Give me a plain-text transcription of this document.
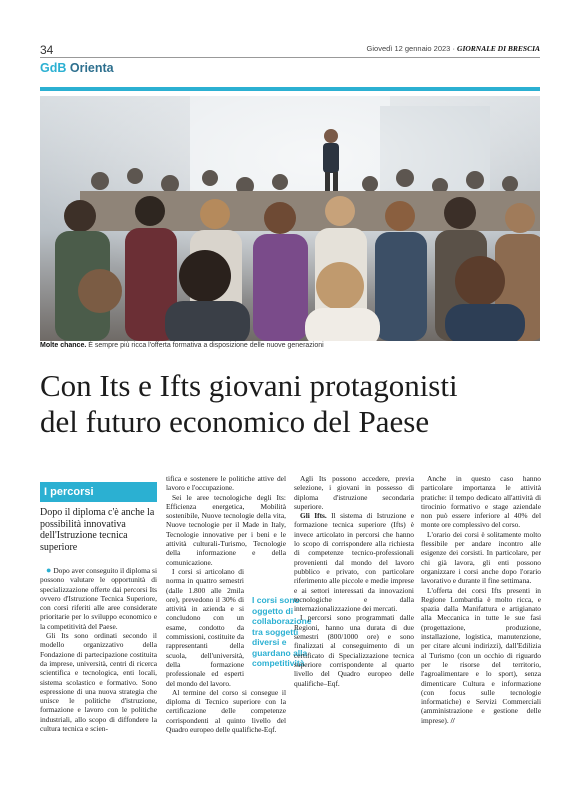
34	Giovedì 12 gennaio 2023 · GIORNALE DI BRESCIA
GdB Orienta
Molte chance. È sempre più ricca l'offerta formativa a disposizione delle nuove generazioni
Con Its e Ifts giovani protagonisti
del futuro economico del Paese
I percorsi
Dopo il diploma c'è anche la possibilità innovativa dell'Istruzione tecnica superiore

● Dopo aver conseguito il diploma si possono valutare le opportunità di specializzazione offerte dai percorsi Its ovvero d'Istruzione Tecnica Superiore, con corsi riferiti alle aree considerate prioritarie per lo sviluppo economico e la competitività del Paese.

Gli Its sono ordinati secondo il modello organizzativo della Fondazione di partecipazione costituita da imprese, università, centri di ricerca scientifica e tecnologica, enti locali, sistema scolastico e formativo. Sono espressione di una nuova strategia che unisce le politiche d'istruzione, formazione e lavoro con le politiche industriali, allo scopo di diffondere la cultura tecnica e scien-

tifica e sostenere le politiche attive del lavoro e l'occupazione.

Sei le aree tecnologiche degli Its: Efficienza energetica, Mobilità sostenibile, Nuove tecnologie della vita, Nuove tecnologie per il Made in Italy, Tecnologie innovative per i beni e le attività culturali-Turismo, Tecnologie della informazione e della comunicazione.

I corsi si articolano di norma in quattro semestri (dalle 1.800 alle 2mila ore), prevedono il 30% di attività in azienda e si concludono con un esame, condotto da commissioni, costituite da rappresentanti della scuola, dell'università, della formazione professionale ed esperti del mondo del lavoro.

Al termine del corso si consegue il diploma di Tecnico superiore con la certificazione delle competenze corrispondenti al quinto livello del Quadro europeo delle qualifiche-Eqf.

I corsi sono oggetto di collaborazione tra soggetti diversi e guardano alla competitività

Agli Its possono accedere, previa selezione, i giovani in possesso di diploma d'istruzione secondaria superiore.

Gli Ifts. Il sistema di Istruzione e formazione tecnica superiore (Ifts) è invece articolato in percorsi che hanno lo scopo di corrispondere alla richiesta di competenze tecnico-professionali provenienti dal mondo del lavoro pubblico e privato, con particolare riferimento alle piccole e medie imprese e ai settori interessati da innovazioni tecnologiche e dalla internazionalizzazione dei mercati.

I percorsi sono programmati dalle Regioni, hanno una durata di due semestri (800/1000 ore) e sono finalizzati al conseguimento di un certificato di Specializzazione tecnica superiore corrispondente al quarto livello del Quadro europeo delle qualifiche–Eqf.

Anche in questo caso hanno particolare importanza le attività pratiche: il tempo dedicato all'attività di tirocinio formativo e stage aziendale non può essere inferiore al 40% del monte ore complessivo del corso.

L'orario dei corsi è solitamente molto flessibile per andare incontro alle esigenze dei corsisti. In particolare, per chi già lavora, gli enti possono organizzare i corsi anche dopo l'orario lavorativo e durante il fine settimana.

L'offerta dei corsi Ifts presenti in Regione Lombardia è molto ricca, e spazia dalla Manifattura e artigianato alla Meccanica in tutte le sue fasi (progettazione, produzione, installazione, logistica, manutenzione, per citare alcuni indirizzi), dall'Edilizia al Turismo (con un occhio di riguardo per le risorse del territorio, l'agroalimentare e lo sport), senza dimenticare Cultura e informazione (con focus sulle tecnologie informatiche) e Servizi Commerciali (amministrazione e gestione delle imprese). //
